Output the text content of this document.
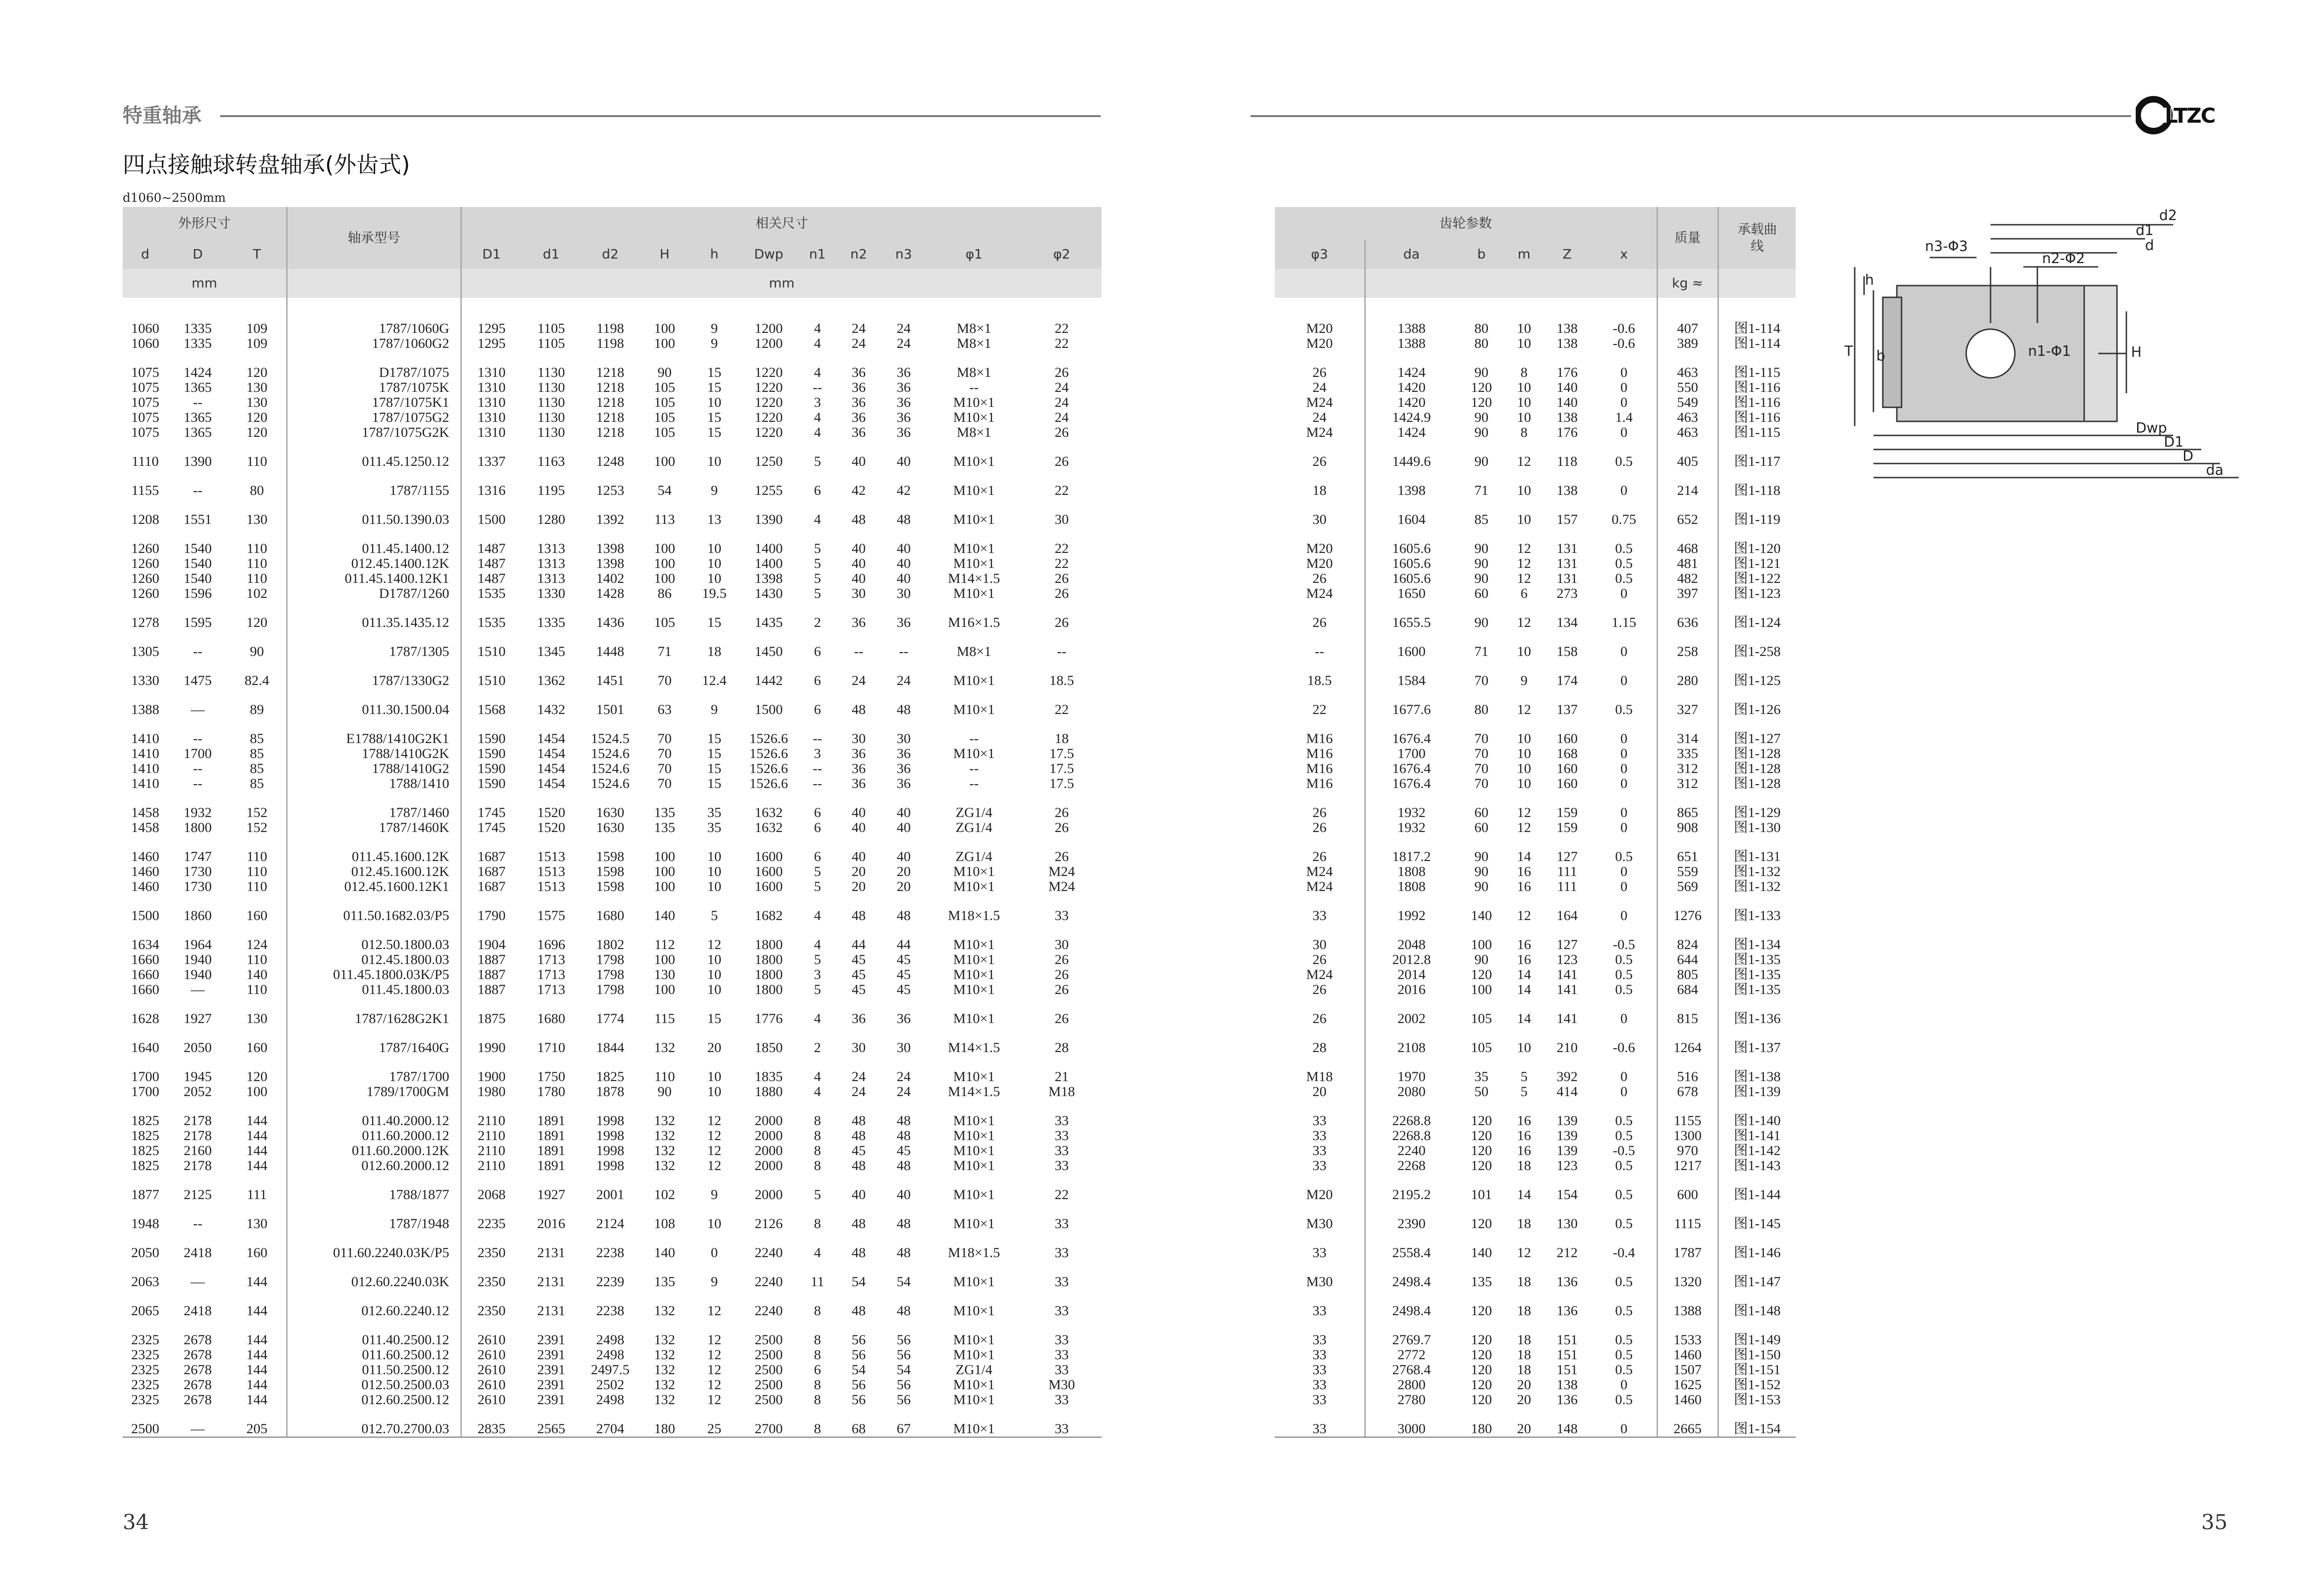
特重轴承
四点接触球转盘轴承(外齿式)
d1060~2500mm
LTZC
外形尺寸			轴承型号	相关尺寸										
d	D	T		D1	d1	d2	H	h	Dwp	n1	n2	n3	φ1	φ2
mm				mm										

1060	1335	109	1787/1060G	1295	1105	1198	100	9	1200	4	24	24	M8×1	22
1060	1335	109	1787/1060G2	1295	1105	1198	100	9	1200	4	24	24	M8×1	22
1075	1424	120	D1787/1075	1310	1130	1218	90	15	1220	4	36	36	M8×1	26
1075	1365	130	1787/1075K	1310	1130	1218	105	15	1220	--	36	36	--	24
1075	--	130	1787/1075K1	1310	1130	1218	105	10	1220	3	36	36	M10×1	24
1075	1365	120	1787/1075G2	1310	1130	1218	105	15	1220	4	36	36	M10×1	24
1075	1365	120	1787/1075G2K	1310	1130	1218	105	15	1220	4	36	36	M8×1	26
1110	1390	110	011.45.1250.12	1337	1163	1248	100	10	1250	5	40	40	M10×1	26
1155	--	80	1787/1155	1316	1195	1253	54	9	1255	6	42	42	M10×1	22
1208	1551	130	011.50.1390.03	1500	1280	1392	113	13	1390	4	48	48	M10×1	30
1260	1540	110	011.45.1400.12	1487	1313	1398	100	10	1400	5	40	40	M10×1	22
1260	1540	110	012.45.1400.12K	1487	1313	1398	100	10	1400	5	40	40	M10×1	22
1260	1540	110	011.45.1400.12K1	1487	1313	1402	100	10	1398	5	40	40	M14×1.5	26
1260	1596	102	D1787/1260	1535	1330	1428	86	19.5	1430	5	30	30	M10×1	26
1278	1595	120	011.35.1435.12	1535	1335	1436	105	15	1435	2	36	36	M16×1.5	26
1305	--	90	1787/1305	1510	1345	1448	71	18	1450	6	--	--	M8×1	--
1330	1475	82.4	1787/1330G2	1510	1362	1451	70	12.4	1442	6	24	24	M10×1	18.5
1388	—	89	011.30.1500.04	1568	1432	1501	63	9	1500	6	48	48	M10×1	22
1410	--	85	E1788/1410G2K1	1590	1454	1524.5	70	15	1526.6	--	30	30	--	18
1410	1700	85	1788/1410G2K	1590	1454	1524.6	70	15	1526.6	3	36	36	M10×1	17.5
1410	--	85	1788/1410G2	1590	1454	1524.6	70	15	1526.6	--	36	36	--	17.5
1410	--	85	1788/1410	1590	1454	1524.6	70	15	1526.6	--	36	36	--	17.5
1458	1932	152	1787/1460	1745	1520	1630	135	35	1632	6	40	40	ZG1/4	26
1458	1800	152	1787/1460K	1745	1520	1630	135	35	1632	6	40	40	ZG1/4	26
1460	1747	110	011.45.1600.12K	1687	1513	1598	100	10	1600	6	40	40	ZG1/4	26
1460	1730	110	012.45.1600.12K	1687	1513	1598	100	10	1600	5	20	20	M10×1	M24
1460	1730	110	012.45.1600.12K1	1687	1513	1598	100	10	1600	5	20	20	M10×1	M24
1500	1860	160	011.50.1682.03/P5	1790	1575	1680	140	5	1682	4	48	48	M18×1.5	33
1634	1964	124	012.50.1800.03	1904	1696	1802	112	12	1800	4	44	44	M10×1	30
1660	1940	110	012.45.1800.03	1887	1713	1798	100	10	1800	5	45	45	M10×1	26
1660	1940	140	011.45.1800.03K/P5	1887	1713	1798	130	10	1800	3	45	45	M10×1	26
1660	—	110	011.45.1800.03	1887	1713	1798	100	10	1800	5	45	45	M10×1	26
1628	1927	130	1787/1628G2K1	1875	1680	1774	115	15	1776	4	36	36	M10×1	26
1640	2050	160	1787/1640G	1990	1710	1844	132	20	1850	2	30	30	M14×1.5	28
1700	1945	120	1787/1700	1900	1750	1825	110	10	1835	4	24	24	M10×1	21
1700	2052	100	1789/1700GM	1980	1780	1878	90	10	1880	4	24	24	M14×1.5	M18
1825	2178	144	011.40.2000.12	2110	1891	1998	132	12	2000	8	48	48	M10×1	33
1825	2178	144	011.60.2000.12	2110	1891	1998	132	12	2000	8	48	48	M10×1	33
1825	2160	144	011.60.2000.12K	2110	1891	1998	132	12	2000	8	45	45	M10×1	33
1825	2178	144	012.60.2000.12	2110	1891	1998	132	12	2000	8	48	48	M10×1	33
1877	2125	111	1788/1877	2068	1927	2001	102	9	2000	5	40	40	M10×1	22
1948	--	130	1787/1948	2235	2016	2124	108	10	2126	8	48	48	M10×1	33
2050	2418	160	011.60.2240.03K/P5	2350	2131	2238	140	0	2240	4	48	48	M18×1.5	33
2063	—	144	012.60.2240.03K	2350	2131	2239	135	9	2240	11	54	54	M10×1	33
2065	2418	144	012.60.2240.12	2350	2131	2238	132	12	2240	8	48	48	M10×1	33
2325	2678	144	011.40.2500.12	2610	2391	2498	132	12	2500	8	56	56	M10×1	33
2325	2678	144	011.60.2500.12	2610	2391	2498	132	12	2500	8	56	56	M10×1	33
2325	2678	144	011.50.2500.12	2610	2391	2497.5	132	12	2500	6	54	54	ZG1/4	33
2325	2678	144	012.50.2500.03	2610	2391	2502	132	12	2500	8	56	56	M10×1	M30
2325	2678	144	012.60.2500.12	2610	2391	2498	132	12	2500	8	56	56	M10×1	33
2500	—	205	012.70.2700.03	2835	2565	2704	180	25	2700	8	68	67	M10×1	33
齿轮参数						质量	承载曲线
φ3	da	b	m	Z	x		
						kg ≈	

M20	1388	80	10	138	-0.6	407	图1-114
M20	1388	80	10	138	-0.6	389	图1-114
26	1424	90	8	176	0	463	图1-115
24	1420	120	10	140	0	550	图1-116
M24	1420	120	10	140	0	549	图1-116
24	1424.9	90	10	138	1.4	463	图1-116
M24	1424	90	8	176	0	463	图1-115
26	1449.6	90	12	118	0.5	405	图1-117
18	1398	71	10	138	0	214	图1-118
30	1604	85	10	157	0.75	652	图1-119
M20	1605.6	90	12	131	0.5	468	图1-120
M20	1605.6	90	12	131	0.5	481	图1-121
26	1605.6	90	12	131	0.5	482	图1-122
M24	1650	60	6	273	0	397	图1-123
26	1655.5	90	12	134	1.15	636	图1-124
--	1600	71	10	158	0	258	图1-258
18.5	1584	70	9	174	0	280	图1-125
22	1677.6	80	12	137	0.5	327	图1-126
M16	1676.4	70	10	160	0	314	图1-127
M16	1700	70	10	168	0	335	图1-128
M16	1676.4	70	10	160	0	312	图1-128
M16	1676.4	70	10	160	0	312	图1-128
26	1932	60	12	159	0	865	图1-129
26	1932	60	12	159	0	908	图1-130
26	1817.2	90	14	127	0.5	651	图1-131
M24	1808	90	16	111	0	559	图1-132
M24	1808	90	16	111	0	569	图1-132
33	1992	140	12	164	0	1276	图1-133
30	2048	100	16	127	-0.5	824	图1-134
26	2012.8	90	16	123	0.5	644	图1-135
M24	2014	120	14	141	0.5	805	图1-135
26	2016	100	14	141	0.5	684	图1-135
26	2002	105	14	141	0	815	图1-136
28	2108	105	10	210	-0.6	1264	图1-137
M18	1970	35	5	392	0	516	图1-138
20	2080	50	5	414	0	678	图1-139
33	2268.8	120	16	139	0.5	1155	图1-140
33	2268.8	120	16	139	0.5	1300	图1-141
33	2240	120	16	139	-0.5	970	图1-142
33	2268	120	18	123	0.5	1217	图1-143
M20	2195.2	101	14	154	0.5	600	图1-144
M30	2390	120	18	130	0.5	1115	图1-145
33	2558.4	140	12	212	-0.4	1787	图1-146
M30	2498.4	135	18	136	0.5	1320	图1-147
33	2498.4	120	18	136	0.5	1388	图1-148
33	2769.7	120	18	151	0.5	1533	图1-149
33	2772	120	18	151	0.5	1460	图1-150
33	2768.4	120	18	151	0.5	1507	图1-151
33	2800	120	20	138	0	1625	图1-152
33	2780	120	20	136	0.5	1460	图1-153
33	3000	180	20	148	0	2665	图1-154
d2
d1
d
n3-Φ3
n2-Φ2
h
T b	n1-Φ1	H
Dwp
D1
D
da
34	35
